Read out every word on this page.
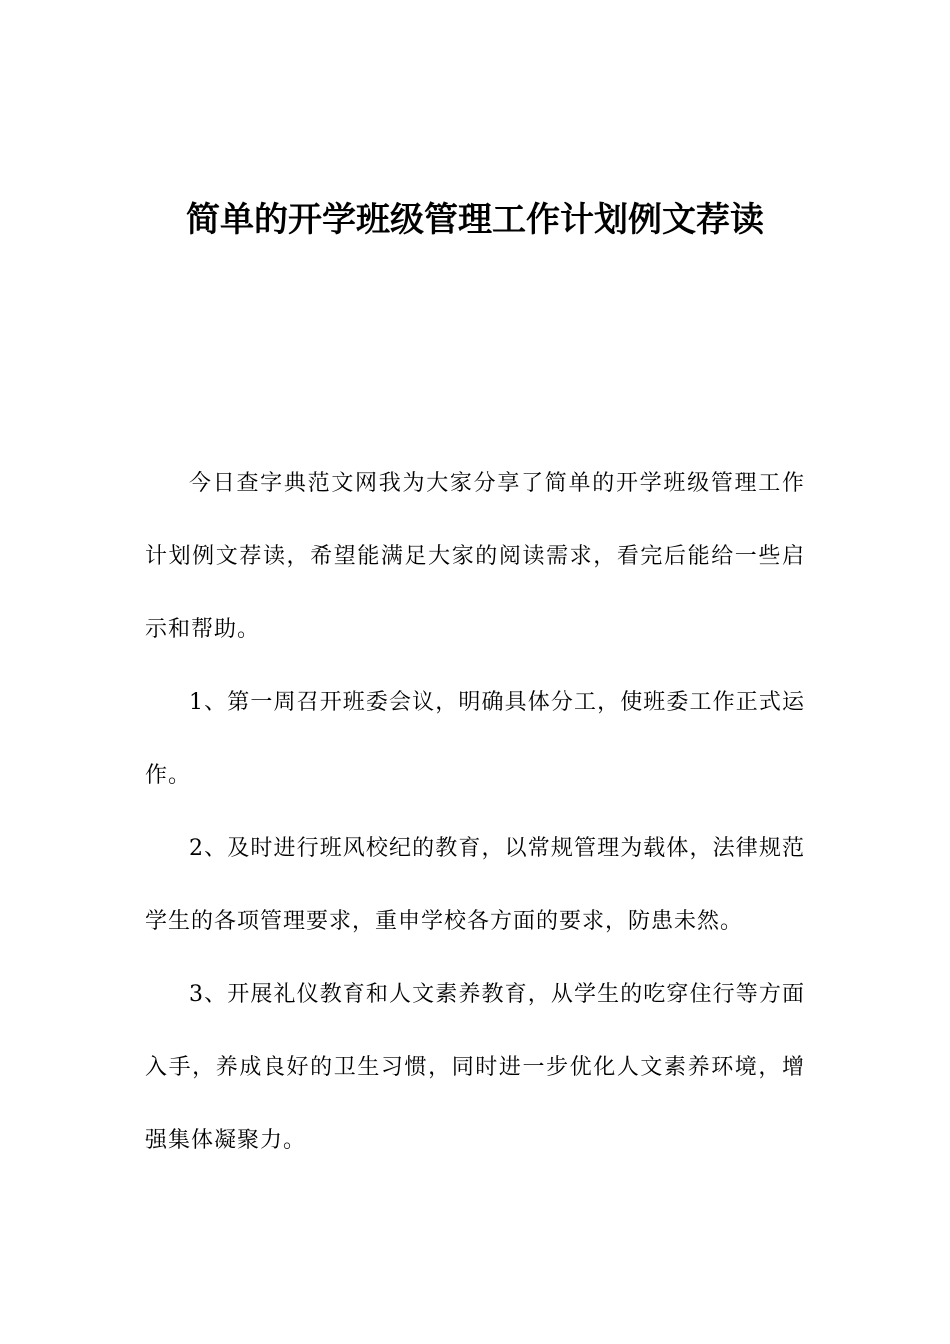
简单的开学班级管理工作计划例文荐读

今日查字典范文网我为大家分享了简单的开学班级管理工作计划例文荐读，希望能满足大家的阅读需求，看完后能给一些启示和帮助。

1、第一周召开班委会议，明确具体分工，使班委工作正式运作。

2、及时进行班风校纪的教育，以常规管理为载体，法律规范学生的各项管理要求，重申学校各方面的要求，防患未然。

3、开展礼仪教育和人文素养教育，从学生的吃穿住行等方面入手，养成良好的卫生习惯，同时进一步优化人文素养环境，增强集体凝聚力。
